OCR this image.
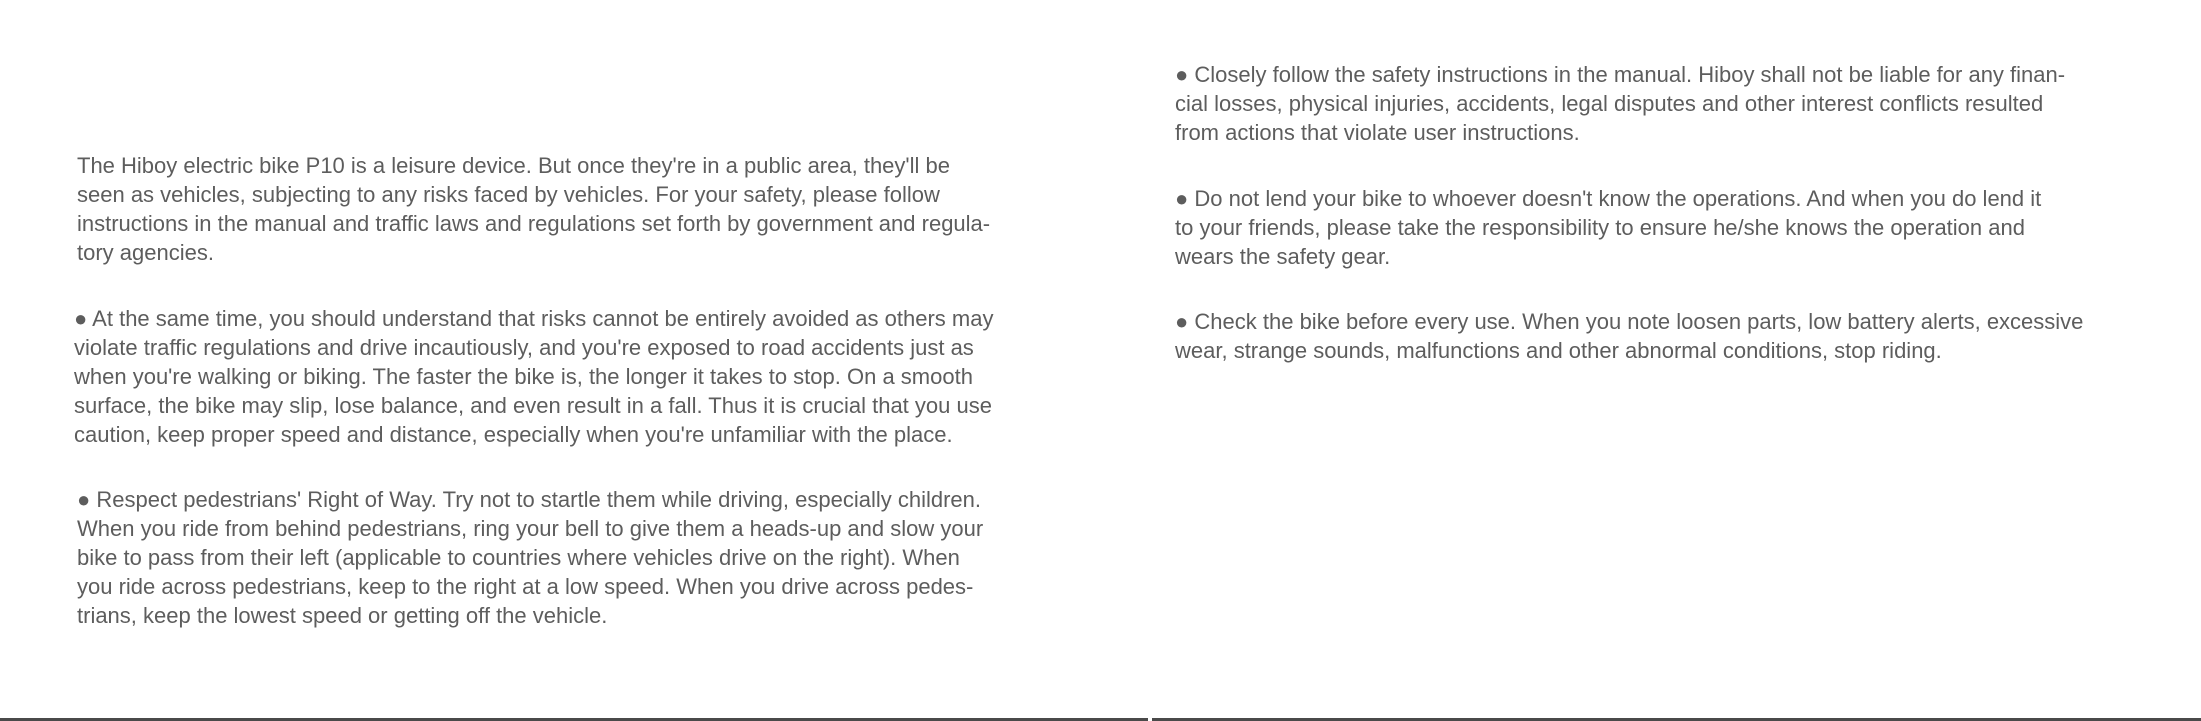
The Hiboy electric bike P10 is a leisure device. But once they're in a public area, they'll be
seen as vehicles, subjecting to any risks faced by vehicles. For your safety, please follow
instructions in the manual and traffic laws and regulations set forth by government and regula-
tory agencies.

● At the same time, you should understand that risks cannot be entirely avoided as others may
violate traffic regulations and drive incautiously, and you're exposed to road accidents just as
when you're walking or biking. The faster the bike is, the longer it takes to stop. On a smooth
surface, the bike may slip, lose balance, and even result in a fall. Thus it is crucial that you use
caution, keep proper speed and distance, especially when you're unfamiliar with the place.

● Respect pedestrians' Right of Way. Try not to startle them while driving, especially children.
When you ride from behind pedestrians, ring your bell to give them a heads-up and slow your
bike to pass from their left (applicable to countries where vehicles drive on the right). When
you ride across pedestrians, keep to the right at a low speed. When you drive across pedes-
trians, keep the lowest speed or getting off the vehicle.

● Closely follow the safety instructions in the manual. Hiboy shall not be liable for any finan-
cial losses, physical injuries, accidents, legal disputes and other interest conflicts resulted
from actions that violate user instructions.

● Do not lend your bike to whoever doesn't know the operations. And when you do lend it
to your friends, please take the responsibility to ensure he/she knows the operation and
wears the safety gear.

● Check the bike before every use. When you note loosen parts, low battery alerts, excessive
wear, strange sounds, malfunctions and other abnormal conditions, stop riding.
